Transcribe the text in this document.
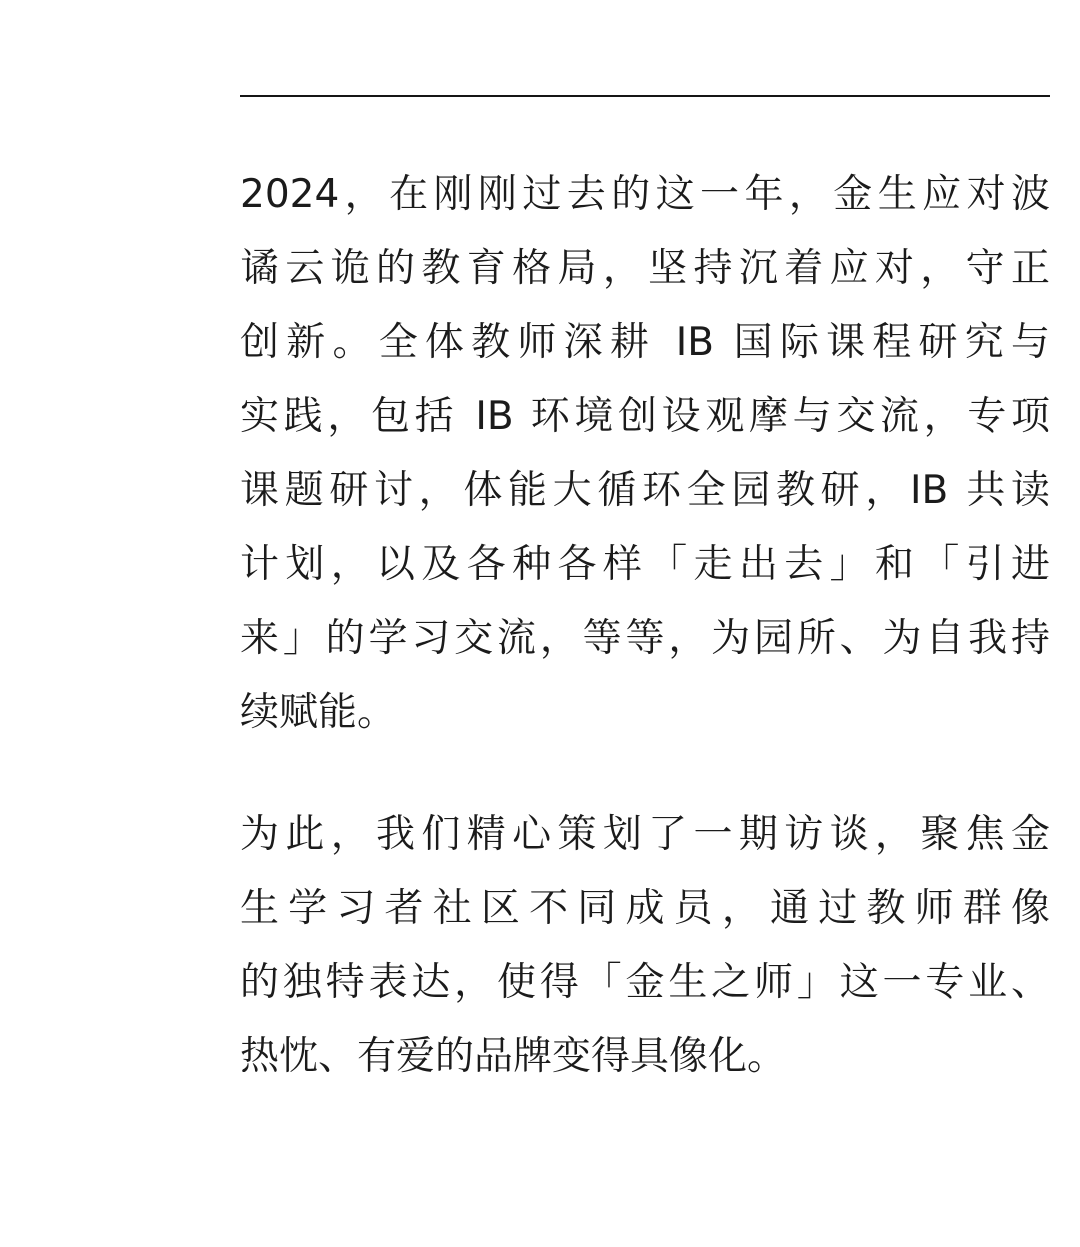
2024，在刚刚过去的这一年，金生应对波
谲云诡的教育格局，坚持沉着应对，守正
创新。全体教师深耕 IB 国际课程研究与
实践，包括 IB 环境创设观摩与交流，专项
课题研讨，体能大循环全园教研，IB 共读
计划，以及各种各样「走出去」和「引进
来」的学习交流，等等，为园所、为自我持
续赋能。
为此，我们精心策划了一期访谈，聚焦金
生学习者社区不同成员，通过教师群像
的独特表达，使得「金生之师」这一专业、
热忱、有爱的品牌变得具像化。
